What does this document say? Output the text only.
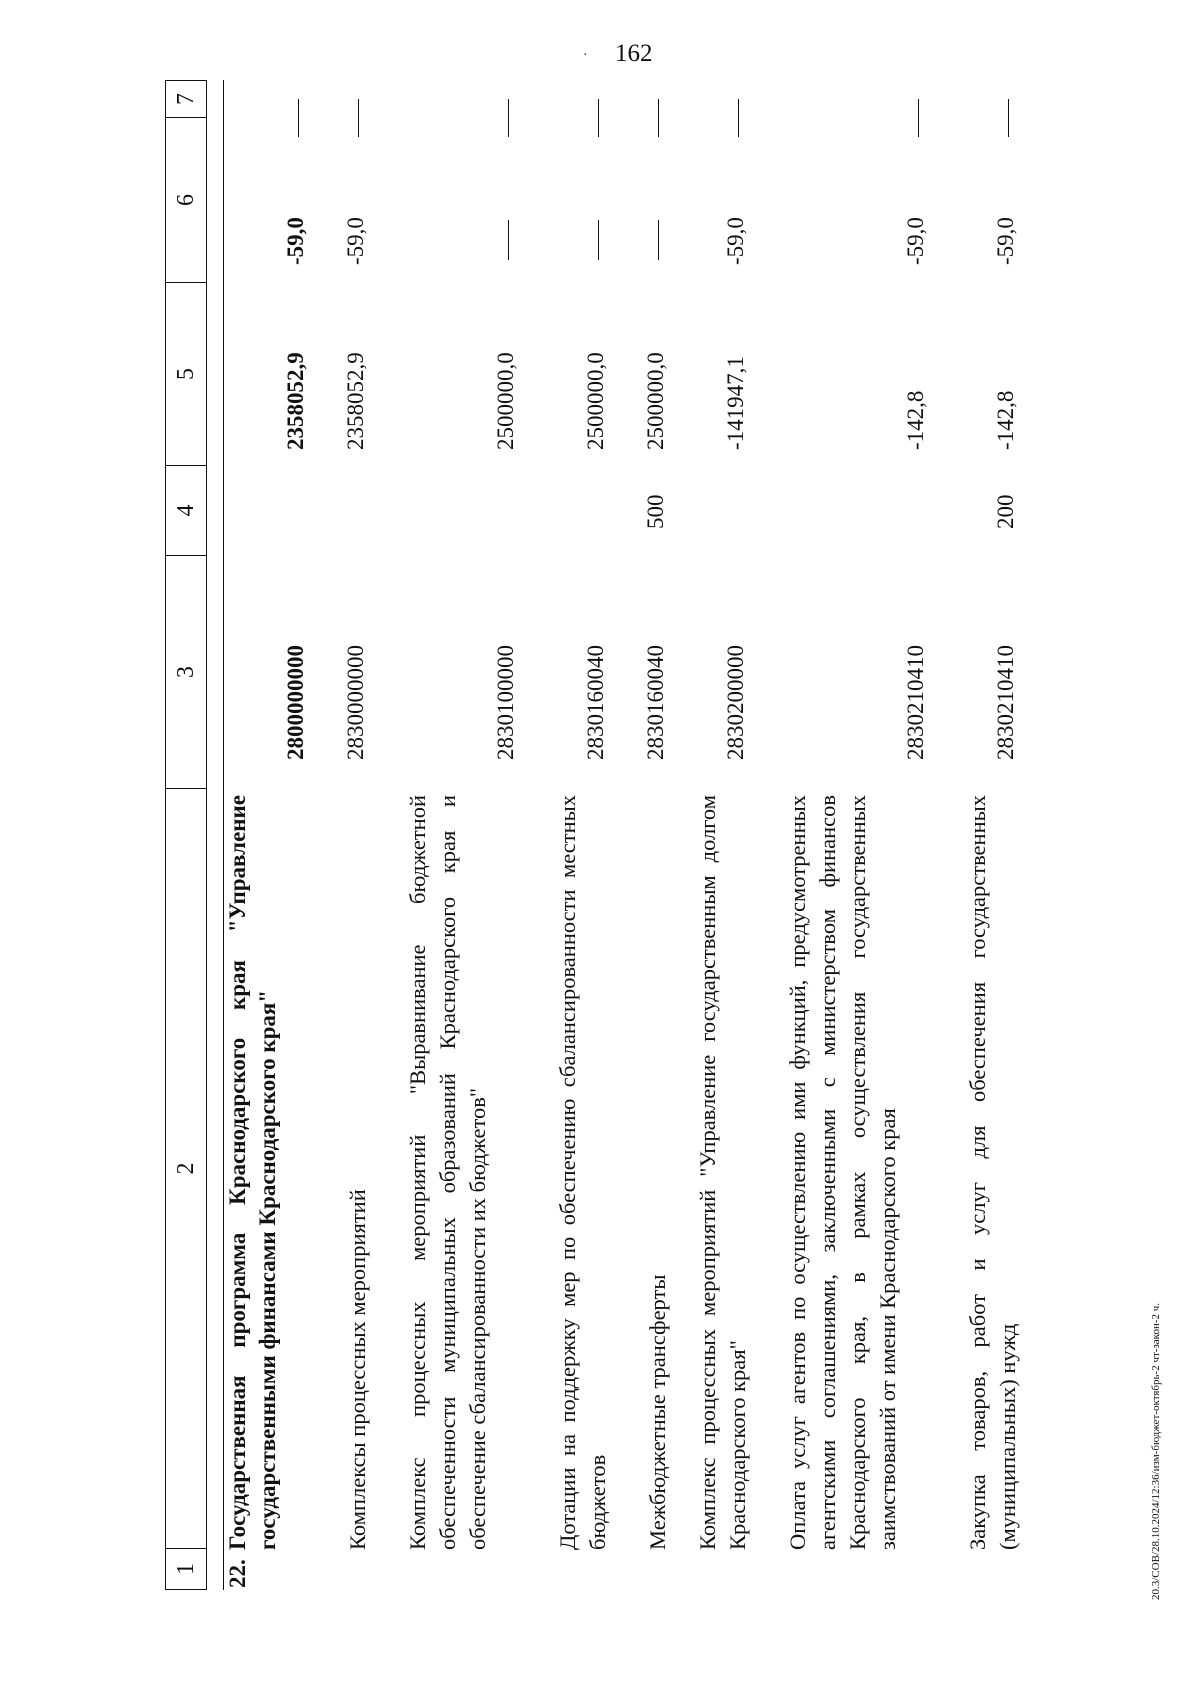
· 162
20.3/СОВ/28.10.2024/12:36/изм-бюджет-октябрь-2 чт-закон-2 ч.
1
2
3
4
5
6
7
22.
Государственная программа Краснодарского края "Управление государственными финансами Краснодарского края"
2800000000
2358052,9
-59,0
Комплексы процессных мероприятий
2830000000
2358052,9
-59,0
Комплекс процессных мероприятий "Выравнивание бюджетной обеспеченности муниципальных образований Краснодарского края и обеспечение сбалансированности их бюджетов"
2830100000
2500000,0
Дотации на поддержку мер по обеспечению сбалансированности местных бюджетов
2830160040
2500000,0
Межбюджетные трансферты
2830160040
500
2500000,0
Комплекс процессных мероприятий "Управление государственным долгом Краснодарского края"
2830200000
-141947,1
-59,0
Оплата услуг агентов по осуществлению ими функций, предусмотренных агентскими соглашениями, заключенными с министерством финансов Краснодарского края, в рамках осуществления государственных заимствований от имени Краснодарского края
2830210410
-142,8
-59,0
Закупка товаров, работ и услуг для обеспечения государственных (муниципальных) нужд
2830210410
200
-142,8
-59,0
